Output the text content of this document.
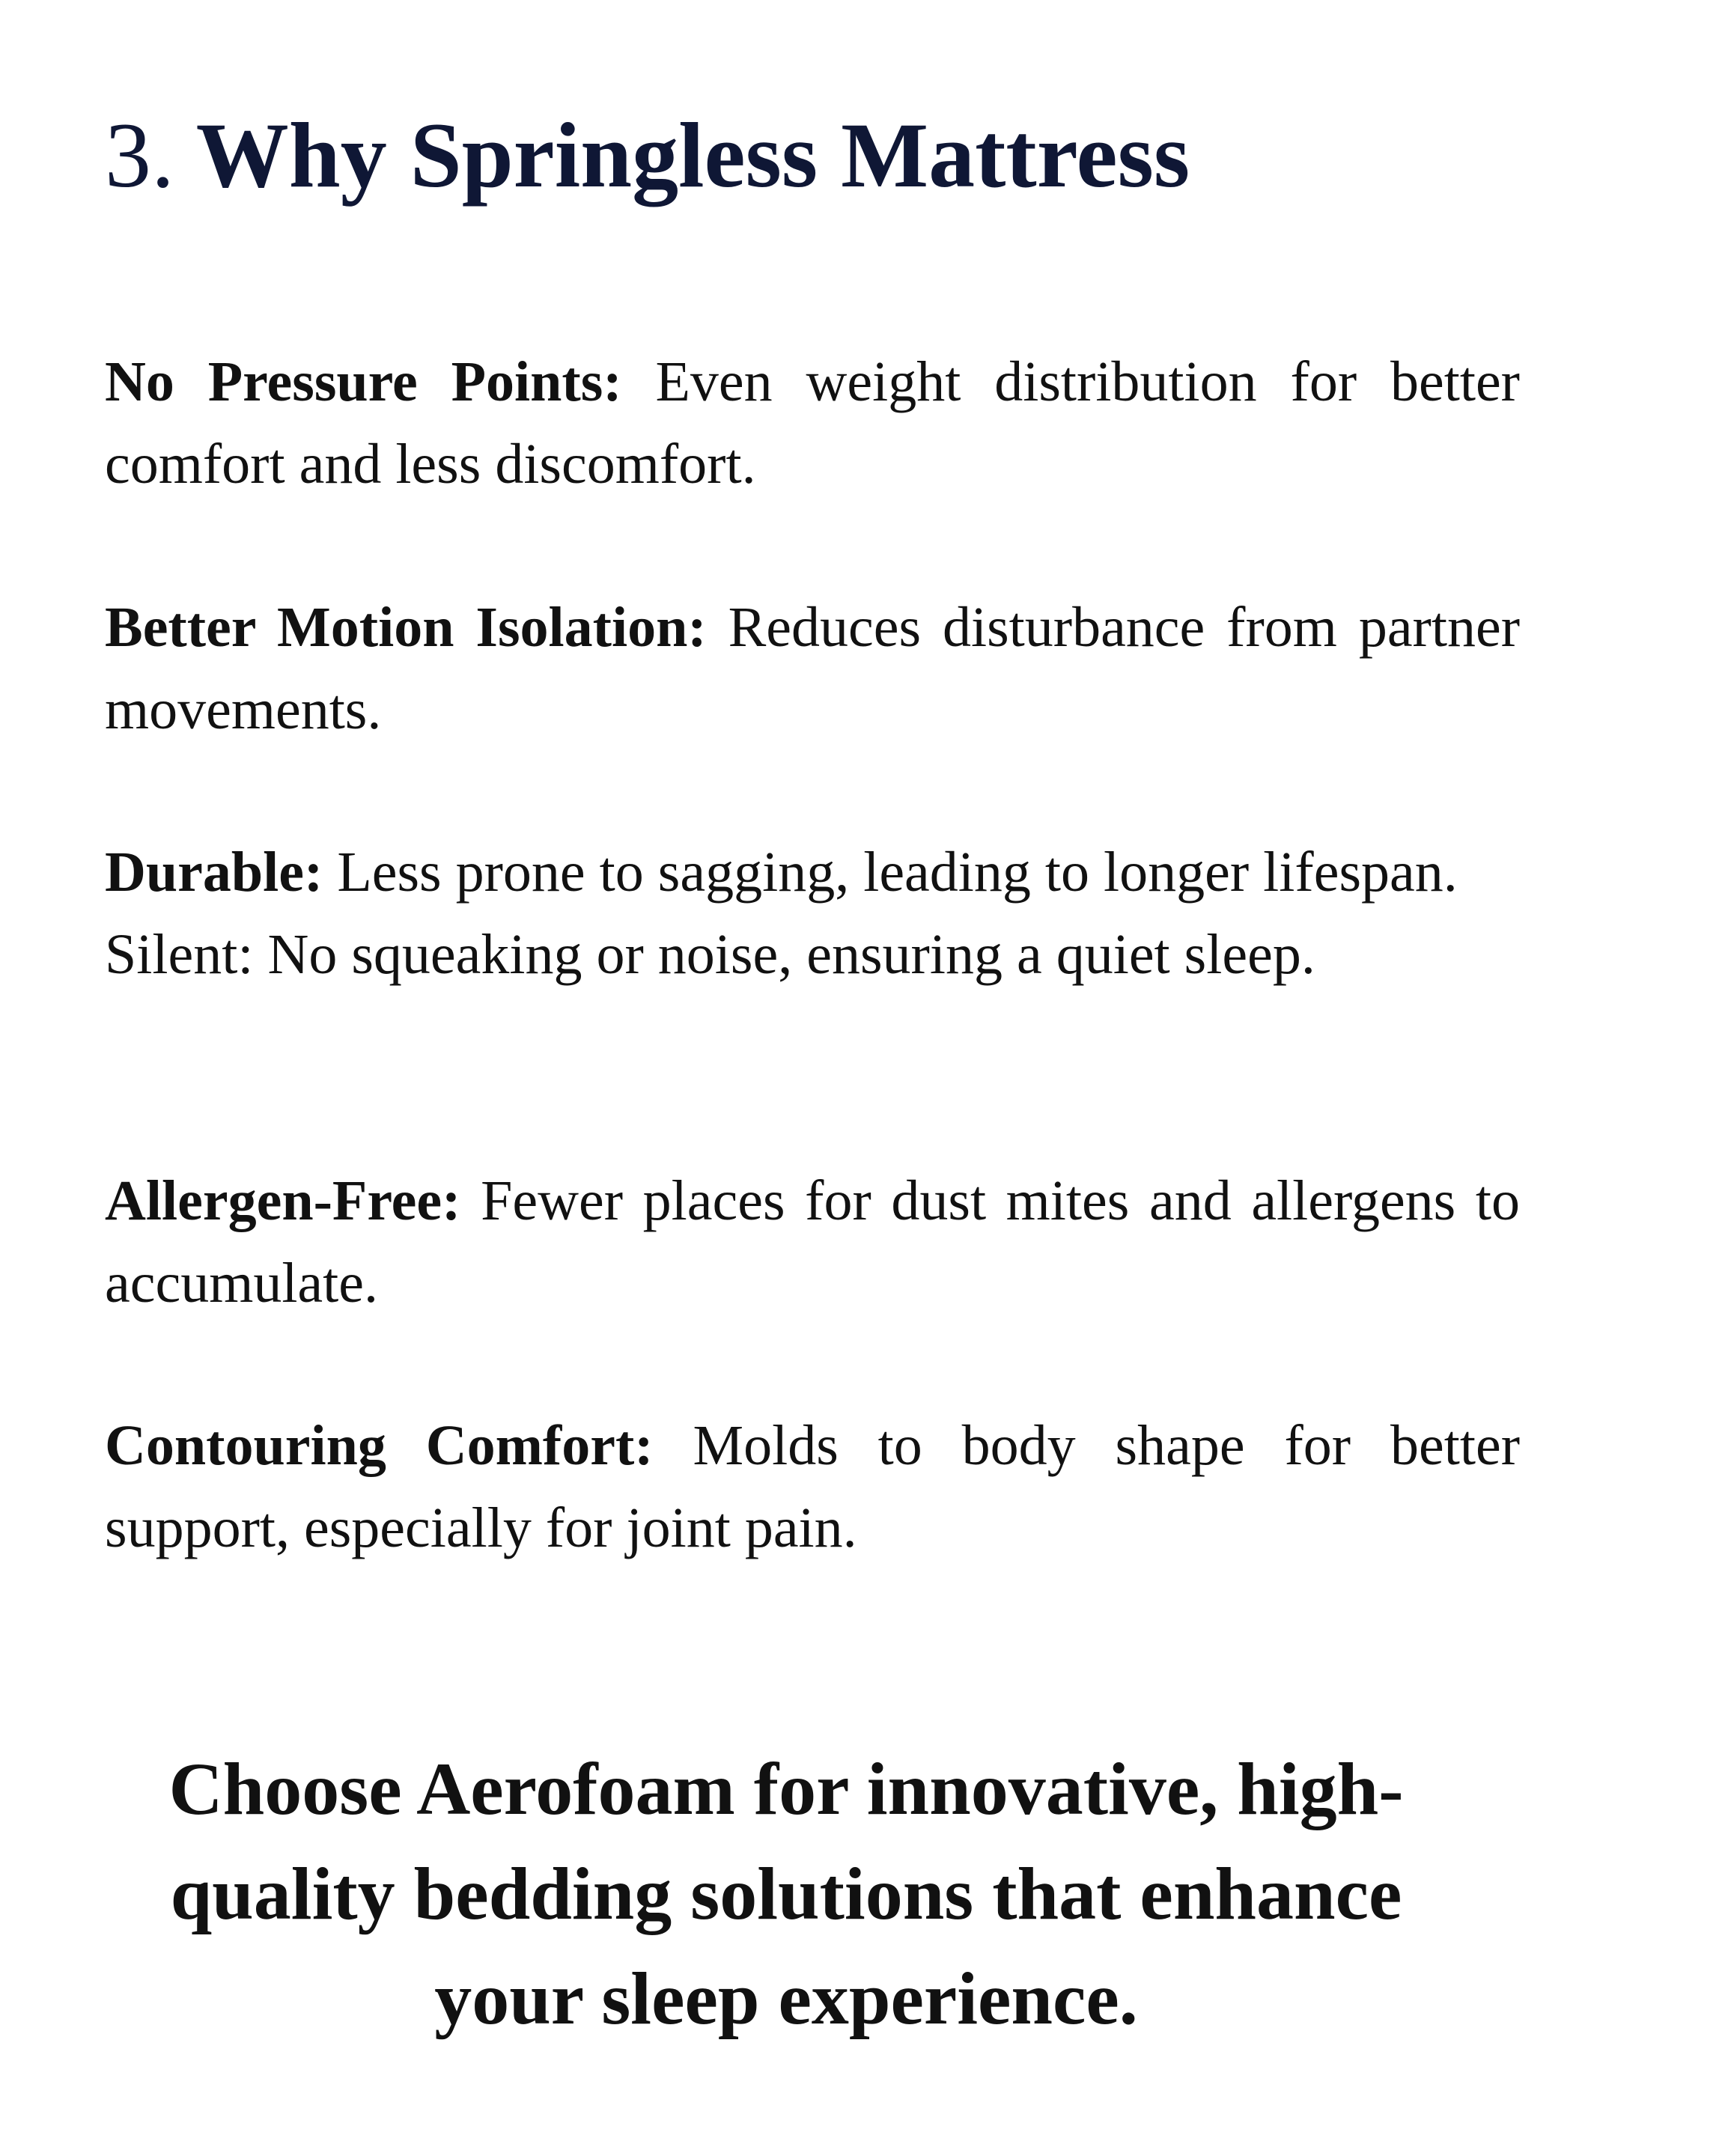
3. Why Springless Mattress

No Pressure Points: Even weight distribution for better comfort and less discomfort.

Better Motion Isolation: Reduces disturbance from partner movements.

Durable: Less prone to sagging, leading to longer lifespan.

Silent: No squeaking or noise, ensuring a quiet sleep.

Allergen-Free: Fewer places for dust mites and allergens to accumulate.

Contouring Comfort: Molds to body shape for better support, especially for joint pain.

Choose Aerofoam for innovative, high-quality bedding solutions that enhance your sleep experience.
